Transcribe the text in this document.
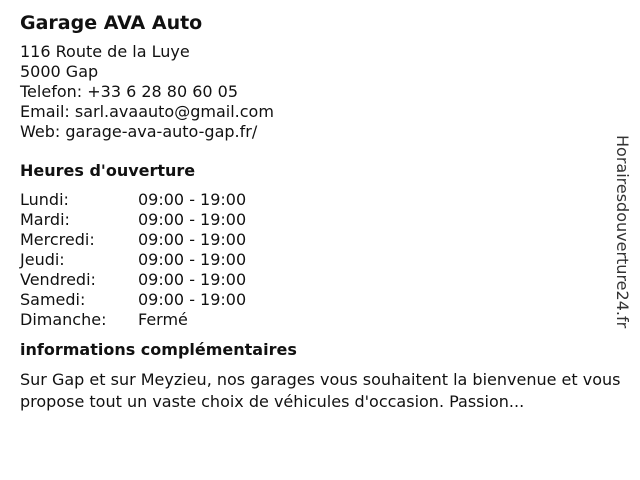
Garage AVA Auto
116 Route de la Luye
5000 Gap
Telefon: +33 6 28 80 60 05
Email: sarl.avaauto@gmail.com
Web: garage-ava-auto-gap.fr/
Heures d'ouverture
Lundi:	09:00 - 19:00
Mardi:	09:00 - 19:00
Mercredi:	09:00 - 19:00
Jeudi:	09:00 - 19:00
Vendredi:	09:00 - 19:00
Samedi:	09:00 - 19:00
Dimanche:	Fermé
informations complémentaires
Sur Gap et sur Meyzieu, nos garages vous souhaitent la bienvenue et vous propose tout un vaste choix de véhicules d'occasion. Passion...
Horairesdouverture24.fr
